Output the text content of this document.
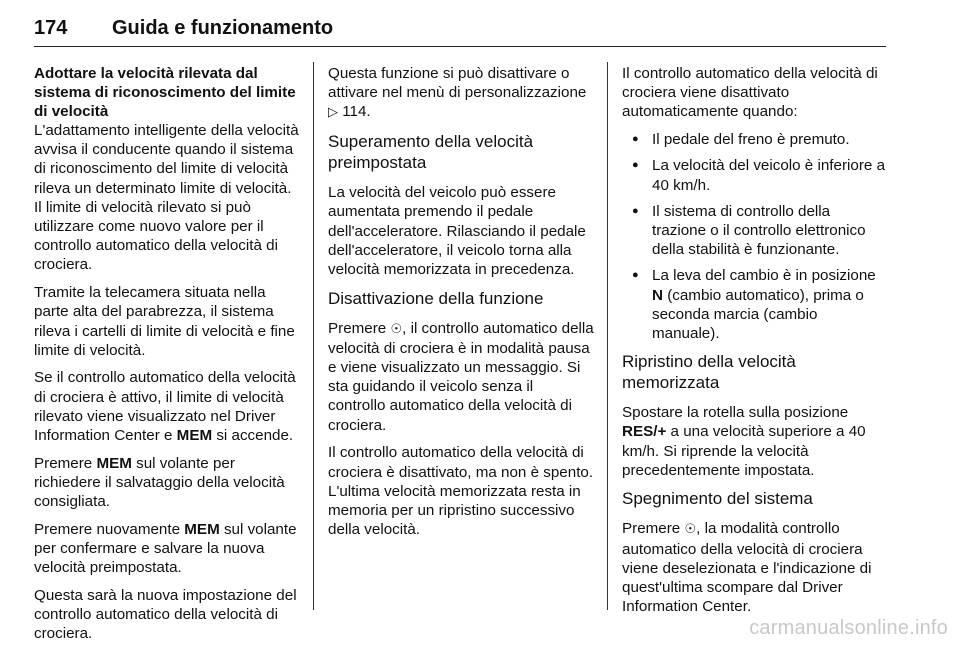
174	Guida e funzionamento

Adottare la velocità rilevata dal sistema di riconoscimento del limite di velocità

L'adattamento intelligente della velocità avvisa il conducente quando il sistema di riconoscimento del limite di velocità rileva un determinato limite di velocità. Il limite di velocità rilevato si può utilizzare come nuovo valore per il controllo automatico della velocità di crociera.

Tramite la telecamera situata nella parte alta del parabrezza, il sistema rileva i cartelli di limite di velocità e fine limite di velocità.

Se il controllo automatico della velocità di crociera è attivo, il limite di velocità rilevato viene visualizzato nel Driver Information Center e MEM si accende.

Premere MEM sul volante per richiedere il salvataggio della velocità consigliata.

Premere nuovamente MEM sul volante per confermare e salvare la nuova velocità preimpostata.

Questa sarà la nuova impostazione del controllo automatico della velocità di crociera.

Questa funzione si può disattivare o attivare nel menù di personalizzazione ▷ 114.

Superamento della velocità preimpostata

La velocità del veicolo può essere aumentata premendo il pedale dell'acceleratore. Rilasciando il pedale dell'acceleratore, il veicolo torna alla velocità memorizzata in precedenza.

Disattivazione della funzione

Premere ☉, il controllo automatico della velocità di crociera è in modalità pausa e viene visualizzato un messaggio. Si sta guidando il veicolo senza il controllo automatico della velocità di crociera.

Il controllo automatico della velocità di crociera è disattivato, ma non è spento. L'ultima velocità memorizzata resta in memoria per un ripristino successivo della velocità.

Il controllo automatico della velocità di crociera viene disattivato automaticamente quando:

● Il pedale del freno è premuto.
● La velocità del veicolo è inferiore a 40 km/h.
● Il sistema di controllo della trazione o il controllo elettronico della stabilità è funzionante.
● La leva del cambio è in posizione N (cambio automatico), prima o seconda marcia (cambio manuale).
Ripristino della velocità memorizzata

Spostare la rotella sulla posizione RES/+ a una velocità superiore a 40 km/h. Si riprende la velocità precedentemente impostata.

Spegnimento del sistema

Premere ☉, la modalità controllo automatico della velocità di crociera viene deselezionata e l'indicazione di quest'ultima scompare dal Driver Information Center.

carmanualsonline.info
